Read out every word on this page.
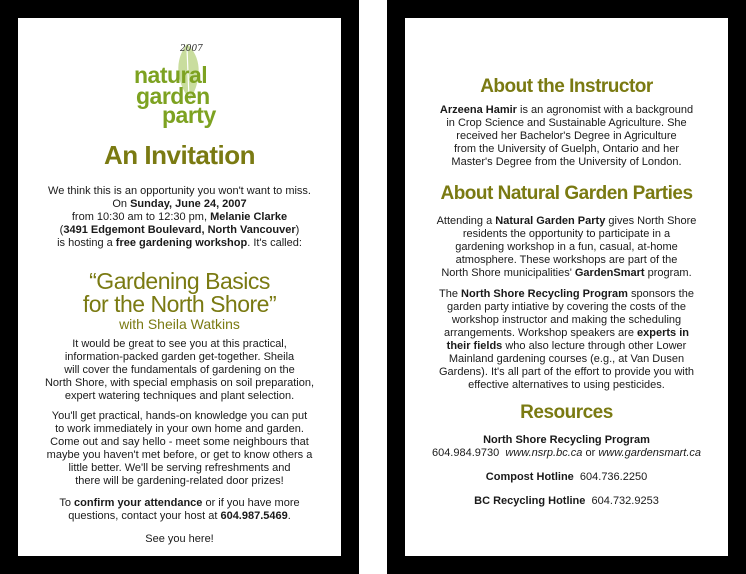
2007
natural
garden
party
An Invitation
We think this is an opportunity you won't want to miss.
On Sunday, June 24, 2007
from 10:30 am to 12:30 pm, Melanie Clarke
(3491 Edgemont Boulevard, North Vancouver)
is hosting a free gardening workshop. It's called:
“Gardening Basics
for the North Shore”
with Sheila Watkins
It would be great to see you at this practical,
information-packed garden get-together. Sheila
will cover the fundamentals of gardening on the
North Shore, with special emphasis on soil preparation,
expert watering techniques and plant selection.
You'll get practical, hands-on knowledge you can put
to work immediately in your own home and garden.
Come out and say hello - meet some neighbours that
maybe you haven't met before, or get to know others a
little better. We'll be serving refreshments and
there will be gardening-related door prizes!
To confirm your attendance or if you have more
questions, contact your host at 604.987.5469.
See you here!
About the Instructor
Arzeena Hamir is an agronomist with a background
in Crop Science and Sustainable Agriculture. She
received her Bachelor's Degree in Agriculture
from the University of Guelph, Ontario and her
Master's Degree from the University of London.
About Natural Garden Parties
Attending a Natural Garden Party gives North Shore
residents the opportunity to participate in a
gardening workshop in a fun, casual, at-home
atmosphere. These workshops are part of the
North Shore municipalities' GardenSmart program.
The North Shore Recycling Program sponsors the
garden party intiative by covering the costs of the
workshop instructor and making the scheduling
arrangements. Workshop speakers are experts in
their fields who also lecture through other Lower
Mainland gardening courses (e.g., at Van Dusen
Gardens). It's all part of the effort to provide you with
effective alternatives to using pesticides.
Resources
North Shore Recycling Program
604.984.9730 www.nsrp.bc.ca or www.gardensmart.ca
Compost Hotline 604.736.2250
BC Recycling Hotline 604.732.9253
